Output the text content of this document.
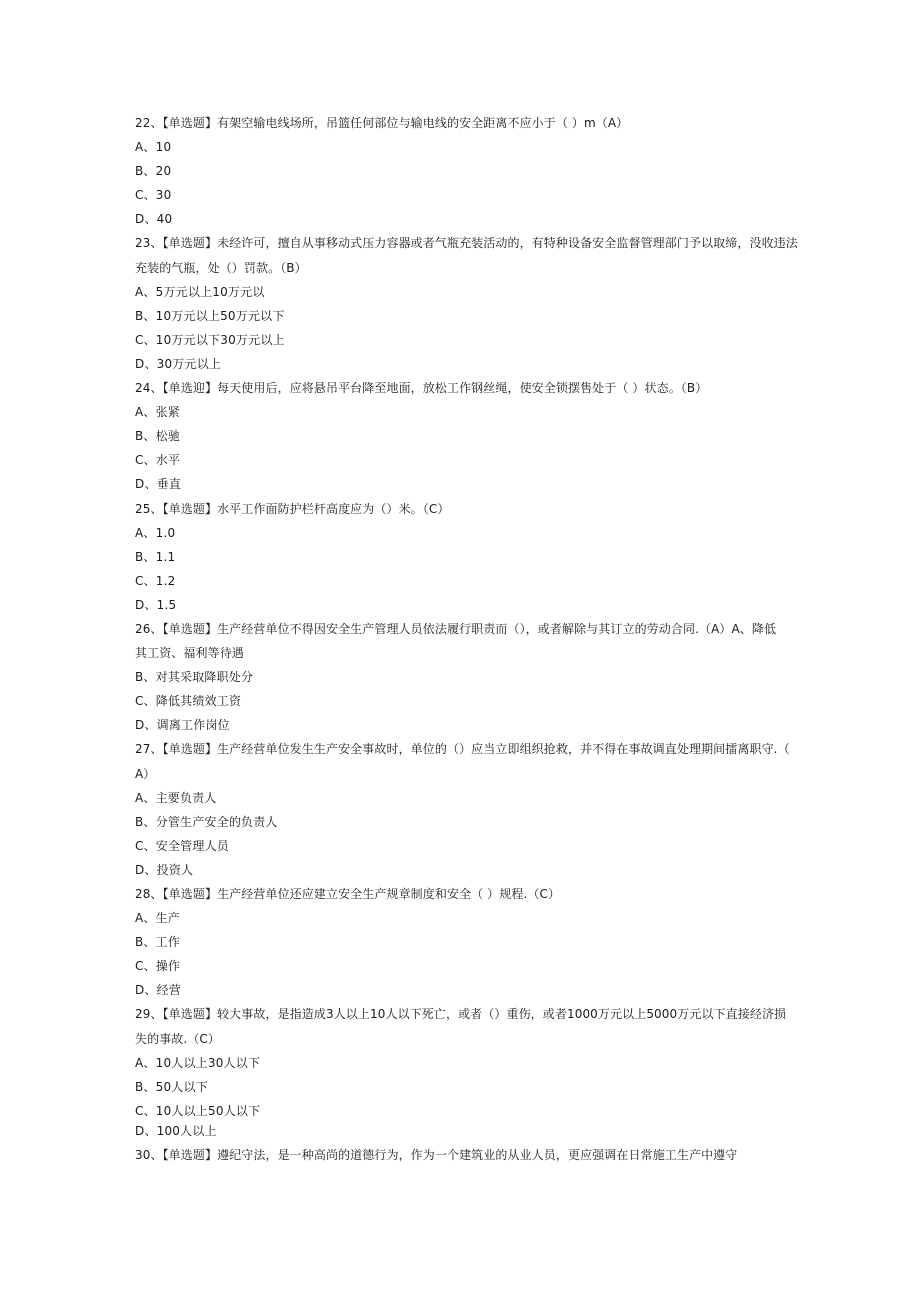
22、【单选题】有架空输电线场所，吊篮任何部位与输电线的安全距离不应小于（ ）m（A）
A、10
B、20
C、30
D、40
23、【单选题】未经许可，擅自从事移动式压力容器或者气瓶充装活动的，有特种设备安全监督管理部门予以取缔，没收违法
充装的气瓶，处（）罚款。（B）
A、5万元以上10万元以
B、10万元以上50万元以下
C、10万元以下30万元以上
D、30万元以上
24、【单选迎】每天使用后，应将悬吊平台降至地面，放松工作钢丝绳，使安全锁摆售处于（ ）状态。（B）
A、张紧
B、松驰
C、水平
D、垂直
25、【单选题】水平工作面防护栏杆高度应为（）米。（C）
A、1.0
B、1.1
C、1.2
D、1.5
26、【单选题】生产经营单位不得因安全生产管理人员依法履行职责而（），或者解除与其订立的劳动合同.（A）A、降低
其工资、福利等待遇
B、对其采取降职处分
C、降低其绩效工资
D、调离工作岗位
27、【单选题】生产经营单位发生生产安全事故时，单位的（）应当立即组织抢救，并不得在事故调直处理期间擂离职守.（
A）
A、主要负责人
B、分管生产安全的负责人
C、安全管理人员
D、投资人
28、【单选题】生产经营单位还应建立安全生产规章制度和安全（ ）规程.（C）
A、生产
B、工作
C、操作
D、经营
29、【单选题】较大事故，是指造成3人以上10人以下死亡，或者（）重伤，或者1000万元以上5000万元以下直接经济损
失的事故.（C）
A、10人以上30人以下
B、50人以下
C、10人以上50人以下
D、100人以上
30、【单选题】遵纪守法，是一种高尚的道德行为，作为一个建筑业的从业人员，更应强调在日常施工生产中遵守
